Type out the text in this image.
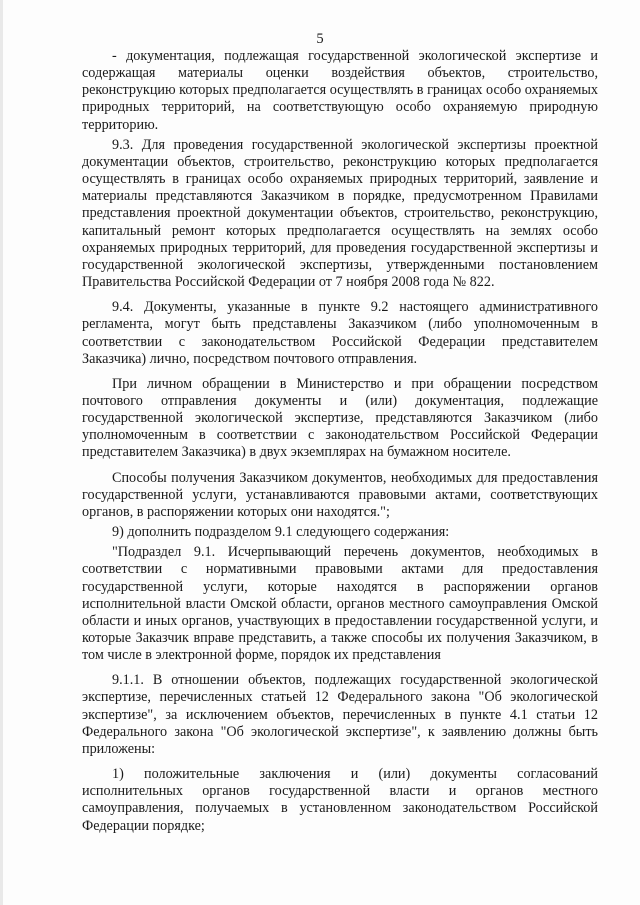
5

- документация, подлежащая государственной экологической экспертизе и содержащая материалы оценки воздействия объектов, строительство, реконструкцию которых предполагается осуществлять в границах особо охраняемых природных территорий, на соответствующую особо охраняемую природную территорию.

9.3. Для проведения государственной экологической экспертизы проектной документации объектов, строительство, реконструкцию которых предполагается осуществлять в границах особо охраняемых природных территорий, заявление и материалы представляются Заказчиком в порядке, предусмотренном Правилами представления проектной документации объектов, строительство, реконструкцию, капитальный ремонт которых предполагается осуществлять на землях особо охраняемых природных территорий, для проведения государственной экспертизы и государственной экологической экспертизы, утвержденными постановлением Правительства Российской Федерации от 7 ноября 2008 года № 822.

9.4. Документы, указанные в пункте 9.2 настоящего административного регламента, могут быть представлены Заказчиком (либо уполномоченным в соответствии с законодательством Российской Федерации представителем Заказчика) лично, посредством почтового отправления.

При личном обращении в Министерство и при обращении посредством почтового отправления документы и (или) документация, подлежащие государственной экологической экспертизе, представляются Заказчиком (либо уполномоченным в соответствии с законодательством Российской Федерации представителем Заказчика) в двух экземплярах на бумажном носителе.

Способы получения Заказчиком документов, необходимых для предоставления государственной услуги, устанавливаются правовыми актами, соответствующих органов, в распоряжении которых они находятся.";

9) дополнить подразделом 9.1 следующего содержания:

"Подраздел 9.1. Исчерпывающий перечень документов, необходимых в соответствии с нормативными правовыми актами для предоставления государственной услуги, которые находятся в распоряжении органов исполнительной власти Омской области, органов местного самоуправления Омской области и иных органов, участвующих в предоставлении государственной услуги, и которые Заказчик вправе представить, а также способы их получения Заказчиком, в том числе в электронной форме, порядок их представления

9.1.1. В отношении объектов, подлежащих государственной экологической экспертизе, перечисленных статьей 12 Федерального закона "Об экологической экспертизе", за исключением объектов, перечисленных в пункте 4.1 статьи 12 Федерального закона "Об экологической экспертизе", к заявлению должны быть приложены:

1) положительные заключения и (или) документы согласований исполнительных органов государственной власти и органов местного самоуправления, получаемых в установленном законодательством Российской Федерации порядке;
